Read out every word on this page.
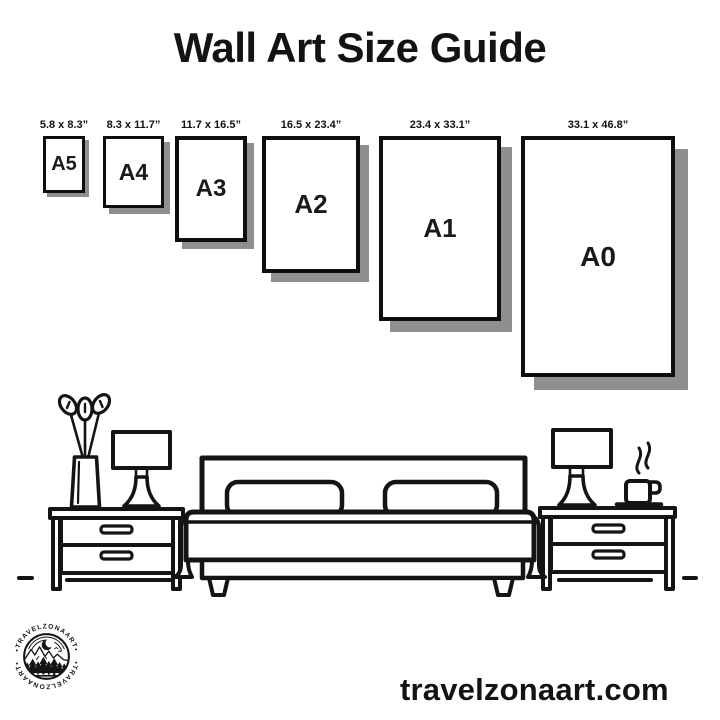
Wall Art Size Guide
5.8 x 8.3”
A5
8.3 x 11.7”
A4
11.7 x 16.5”
A3
16.5 x 23.4”
A2
23.4 x 33.1”
A1
33.1 x 46.8”
A0
•TRAVELZONAART•
•TRAVELZONAART•
travelzonaart.com
